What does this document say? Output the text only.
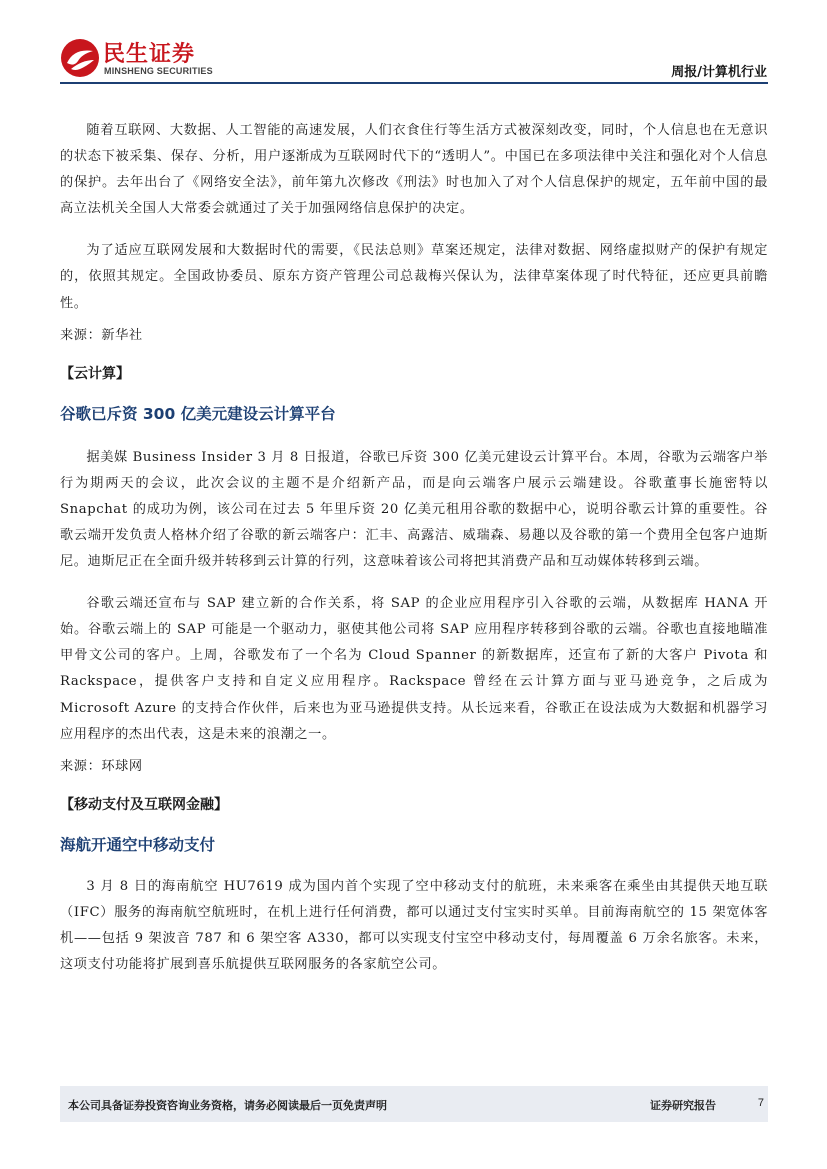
民生证券
MINSHENG SECURITIES	周报/计算机行业

随着互联网、大数据、人工智能的高速发展，人们衣食住行等生活方式被深刻改变，同时，个人信息也在无意识的状态下被采集、保存、分析，用户逐渐成为互联网时代下的“透明人”。中国已在多项法律中关注和强化对个人信息的保护。去年出台了《网络安全法》，前年第九次修改《刑法》时也加入了对个人信息保护的规定，五年前中国的最高立法机关全国人大常委会就通过了关于加强网络信息保护的决定。

为了适应互联网发展和大数据时代的需要，《民法总则》草案还规定，法律对数据、网络虚拟财产的保护有规定的，依照其规定。全国政协委员、原东方资产管理公司总裁梅兴保认为，法律草案体现了时代特征，还应更具前瞻性。

来源：新华社

【云计算】
谷歌已斥资 300 亿美元建设云计算平台

据美媒 Business Insider 3 月 8 日报道，谷歌已斥资 300 亿美元建设云计算平台。本周，谷歌为云端客户举行为期两天的会议，此次会议的主题不是介绍新产品，而是向云端客户展示云端建设。谷歌董事长施密特以 Snapchat 的成功为例，该公司在过去 5 年里斥资 20 亿美元租用谷歌的数据中心，说明谷歌云计算的重要性。谷歌云端开发负责人格林介绍了谷歌的新云端客户：汇丰、高露洁、威瑞森、易趣以及谷歌的第一个费用全包客户迪斯尼。迪斯尼正在全面升级并转移到云计算的行列，这意味着该公司将把其消费产品和互动媒体转移到云端。

谷歌云端还宣布与 SAP 建立新的合作关系，将 SAP 的企业应用程序引入谷歌的云端，从数据库 HANA 开始。谷歌云端上的 SAP 可能是一个驱动力，驱使其他公司将 SAP 应用程序转移到谷歌的云端。谷歌也直接地瞄准甲骨文公司的客户。上周，谷歌发布了一个名为 Cloud Spanner 的新数据库，还宣布了新的大客户 Pivota 和 Rackspace，提供客户支持和自定义应用程序。Rackspace 曾经在云计算方面与亚马逊竞争，之后成为 Microsoft Azure 的支持合作伙伴，后来也为亚马逊提供支持。从长远来看，谷歌正在设法成为大数据和机器学习应用程序的杰出代表，这是未来的浪潮之一。

来源：环球网

【移动支付及互联网金融】
海航开通空中移动支付

3 月 8 日的海南航空 HU7619 成为国内首个实现了空中移动支付的航班，未来乘客在乘坐由其提供天地互联（IFC）服务的海南航空航班时，在机上进行任何消费，都可以通过支付宝实时买单。目前海南航空的 15 架宽体客机——包括 9 架波音 787 和 6 架空客 A330，都可以实现支付宝空中移动支付，每周覆盖 6 万余名旅客。未来，这项支付功能将扩展到喜乐航提供互联网服务的各家航空公司。

本公司具备证券投资咨询业务资格，请务必阅读最后一页免责声明	证券研究报告	7
